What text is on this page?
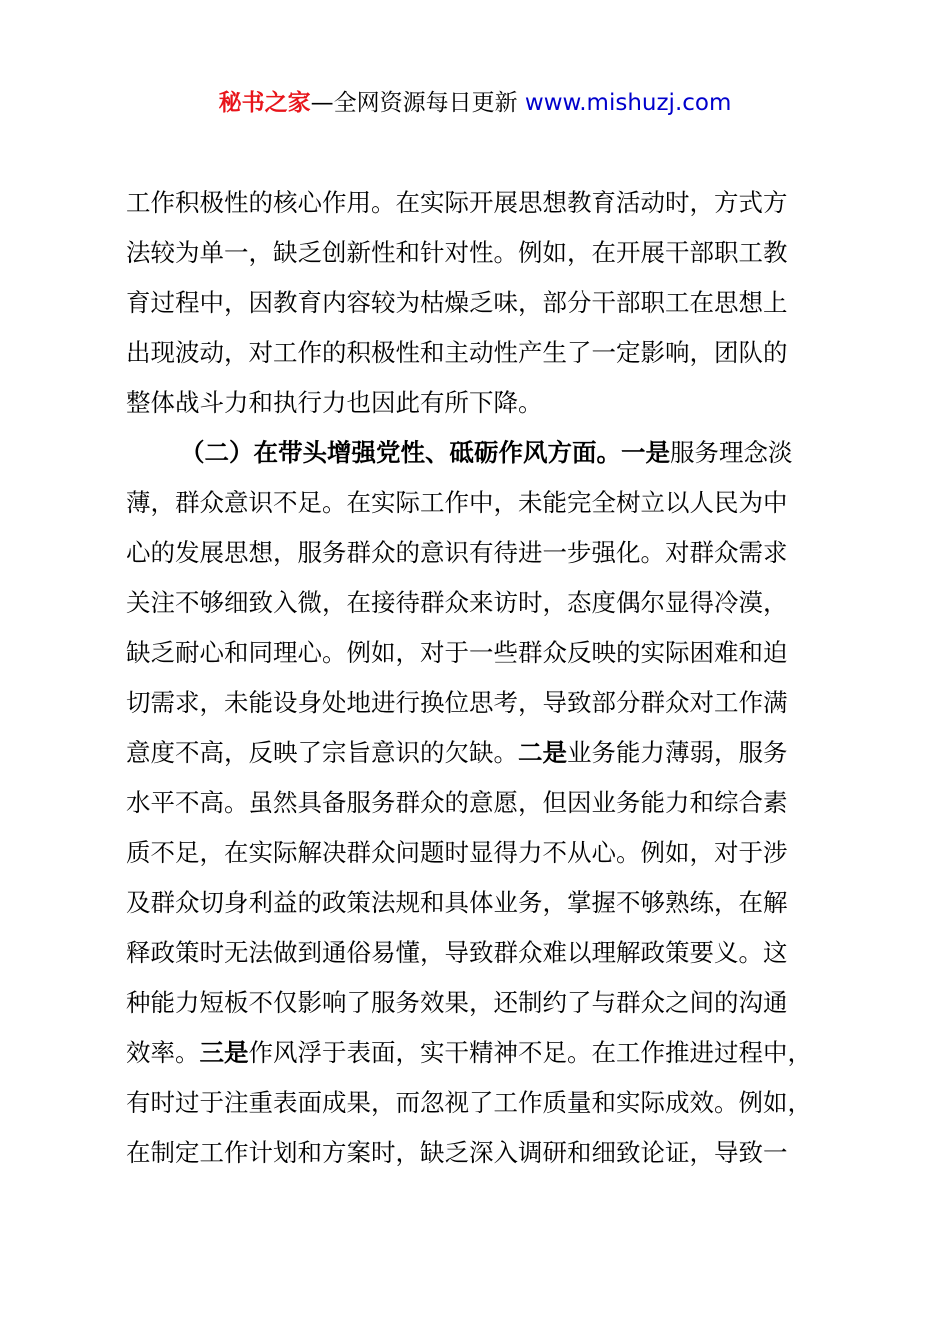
秘书之家—全网资源每日更新 www.mishuzj.com
工作积极性的核心作用。在实际开展思想教育活动时，方式方
法较为单一，缺乏创新性和针对性。例如，在开展干部职工教
育过程中，因教育内容较为枯燥乏味，部分干部职工在思想上
出现波动，对工作的积极性和主动性产生了一定影响，团队的
整体战斗力和执行力也因此有所下降。
（二）在带头增强党性、砥砺作风方面。一是服务理念淡
薄，群众意识不足。在实际工作中，未能完全树立以人民为中
心的发展思想，服务群众的意识有待进一步强化。对群众需求
关注不够细致入微，在接待群众来访时，态度偶尔显得冷漠，
缺乏耐心和同理心。例如，对于一些群众反映的实际困难和迫
切需求，未能设身处地进行换位思考，导致部分群众对工作满
意度不高，反映了宗旨意识的欠缺。二是业务能力薄弱，服务
水平不高。虽然具备服务群众的意愿，但因业务能力和综合素
质不足，在实际解决群众问题时显得力不从心。例如，对于涉
及群众切身利益的政策法规和具体业务，掌握不够熟练，在解
释政策时无法做到通俗易懂，导致群众难以理解政策要义。这
种能力短板不仅影响了服务效果，还制约了与群众之间的沟通
效率。三是作风浮于表面，实干精神不足。在工作推进过程中，
有时过于注重表面成果，而忽视了工作质量和实际成效。例如，
在制定工作计划和方案时，缺乏深入调研和细致论证，导致一
